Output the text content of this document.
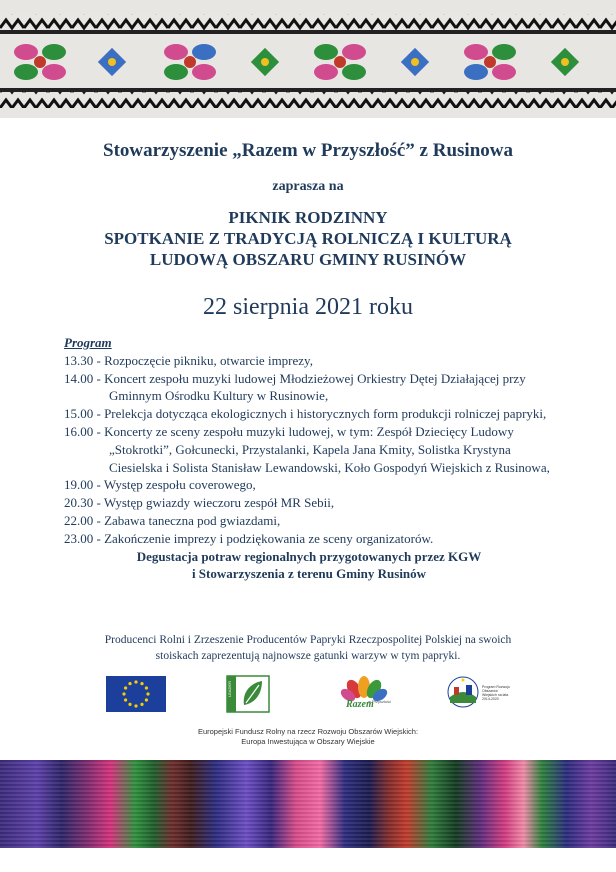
Stowarzyszenie „Razem w Przyszłość” z Rusinowa
zaprasza na
PIKNIK RODZINNY
SPOTKANIE Z TRADYCJĄ ROLNICZĄ I KULTURĄ
LUDOWĄ OBSZARU GMINY RUSINÓW
22 sierpnia 2021 roku
Program
13.30 - Rozpoczęcie pikniku, otwarcie imprezy,
14.00 - Koncert zespołu muzyki ludowej Młodzieżowej Orkiestry Dętej Działającej przy Gminnym Ośrodku Kultury w Rusinowie,
15.00 - Prelekcja dotycząca ekologicznych i historycznych form produkcji rolniczej papryki,
16.00 - Koncerty ze sceny zespołu muzyki ludowej, w tym: Zespół Dziecięcy Ludowy „Stokrotki”, Gołcunecki, Przystalanki, Kapela Jana Kmity, Solistka Krystyna Ciesielska i Solista Stanisław Lewandowski, Koło Gospodyń Wiejskich z Rusinowa,
19.00 - Występ zespołu coverowego,
20.30 - Występ gwiazdy wieczoru zespół MR Sebii,
22.00 - Zabawa taneczna pod gwiazdami,
23.00 - Zakończenie imprezy i podziękowania ze sceny organizatorów.
Degustacja potraw regionalnych przygotowanych przez KGW
i Stowarzyszenia z terenu Gminy Rusinów
Producenci Rolni i Zrzeszenie Producentów Papryki Rzeczpospolitej Polskiej na swoich
stoiskach zaprezentują najnowsze gatunki warzyw w tym papryki.
LEADER
Razem
w Przyszłość
Program Rozwoju Obszarów Wiejskich na lata 2014-2020
Europejski Fundusz Rolny na rzecz Rozwoju Obszarów Wiejskich:
Europa Inwestująca w Obszary Wiejskie
